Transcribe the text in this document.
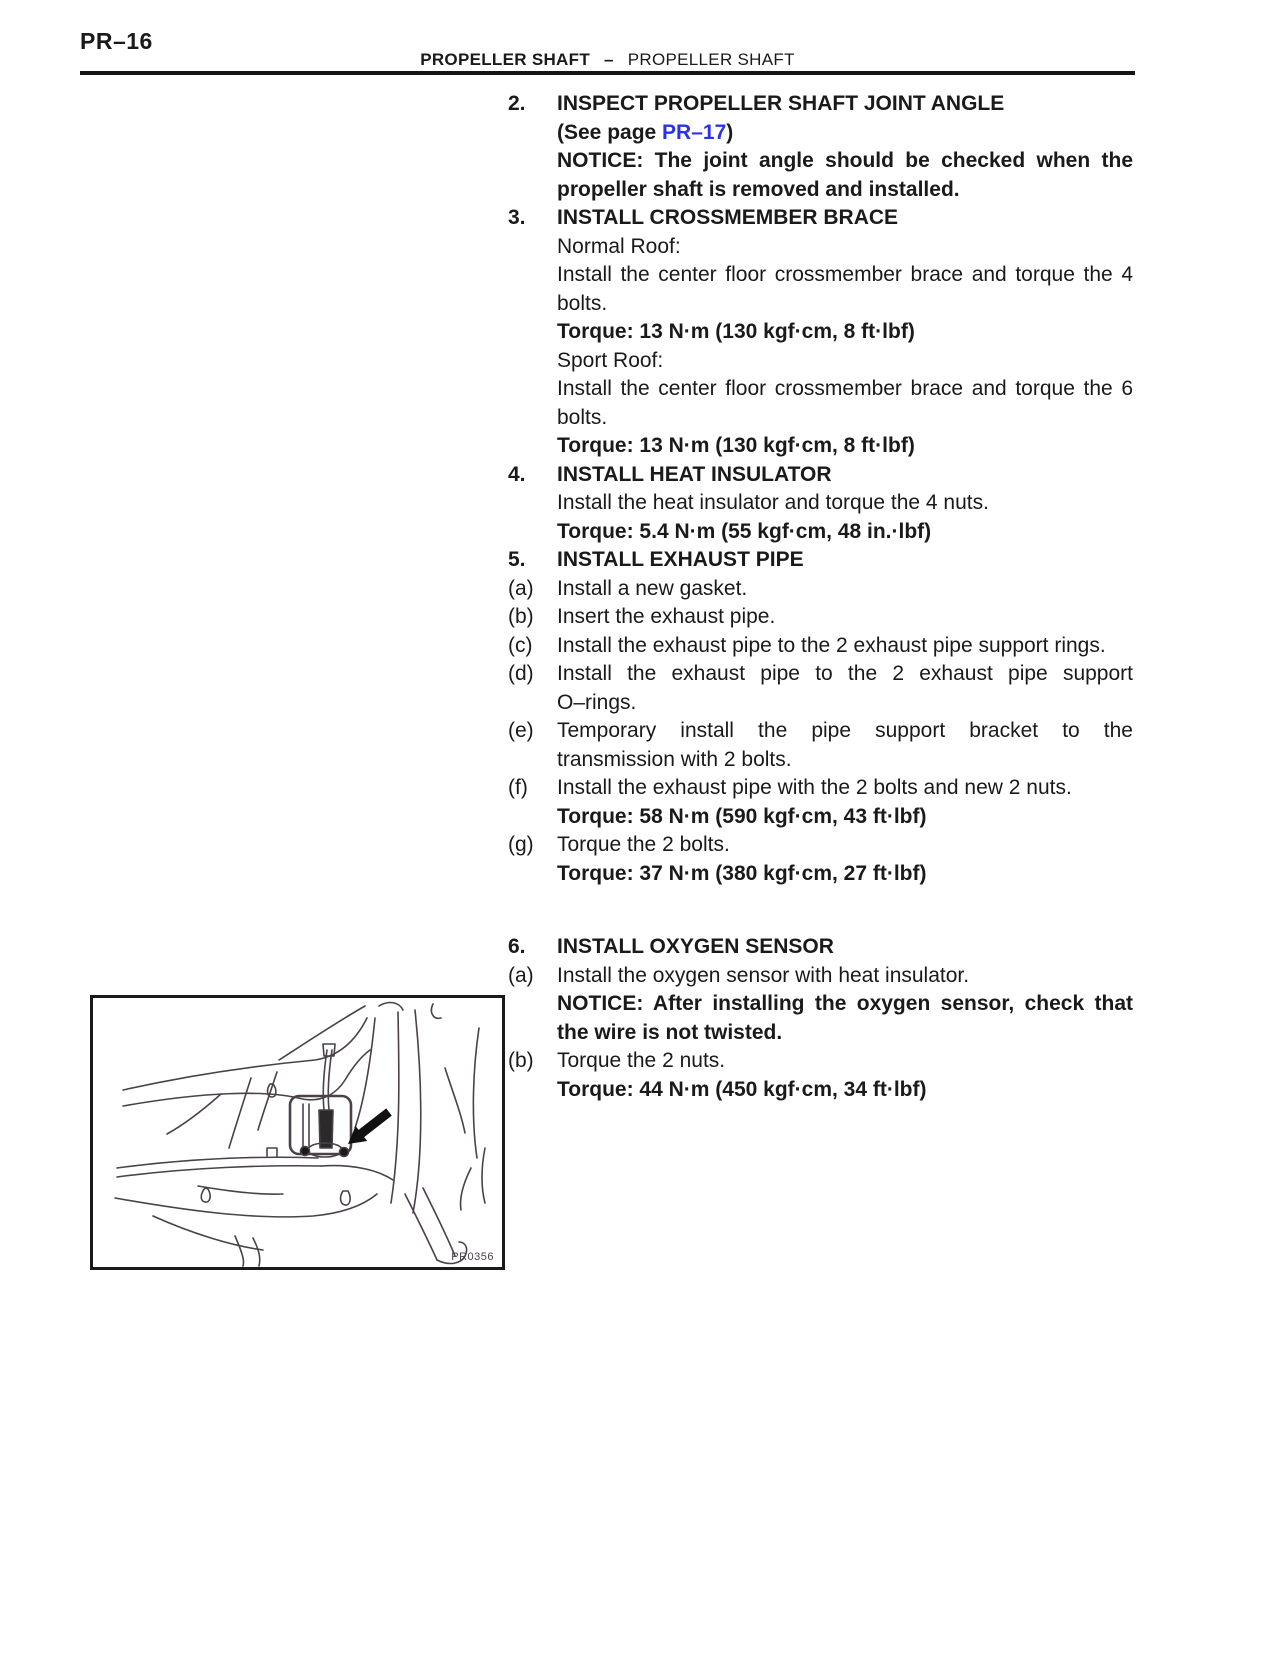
PR–16
PROPELLER SHAFT – PROPELLER SHAFT
2.	INSPECT PROPELLER SHAFT JOINT ANGLE
(See page PR–17)
NOTICE: The joint angle should be checked when the
propeller shaft is removed and installed.
3.	INSTALL CROSSMEMBER BRACE
Normal Roof:
Install the center floor crossmember brace and torque the 4
bolts.
Torque: 13 N·m (130 kgf·cm, 8 ft·lbf)
Sport Roof:
Install the center floor crossmember brace and torque the 6
bolts.
Torque: 13 N·m (130 kgf·cm, 8 ft·lbf)
4.	INSTALL HEAT INSULATOR
Install the heat insulator and torque the 4 nuts.
Torque: 5.4 N·m (55 kgf·cm, 48 in.·lbf)
5.	INSTALL EXHAUST PIPE
(a)	Install a new gasket.
(b)	Insert the exhaust pipe.
(c)	Install the exhaust pipe to the 2 exhaust pipe support rings.
(d)	Install the exhaust pipe to the 2 exhaust pipe support
O–rings.
(e)	Temporary install the pipe support bracket to the
transmission with 2 bolts.
(f)	Install the exhaust pipe with the 2 bolts and new 2 nuts.
Torque: 58 N·m (590 kgf·cm, 43 ft·lbf)
(g)	Torque the 2 bolts.
Torque: 37 N·m (380 kgf·cm, 27 ft·lbf)
6.	INSTALL OXYGEN SENSOR
(a)	Install the oxygen sensor with heat insulator.
NOTICE: After installing the oxygen sensor, check that
the wire is not twisted.
(b)	Torque the 2 nuts.
Torque: 44 N·m (450 kgf·cm, 34 ft·lbf)
PR0356
